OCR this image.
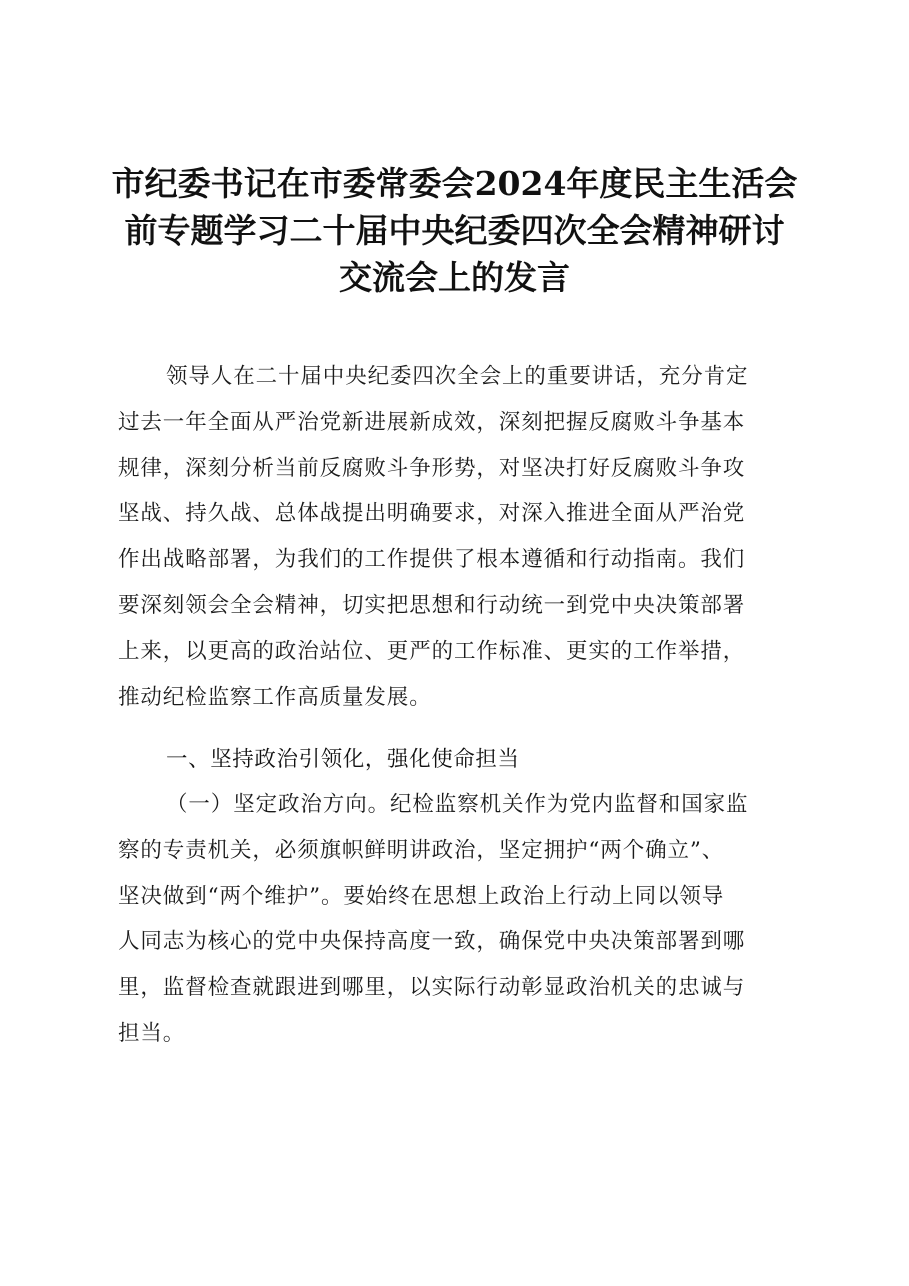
市纪委书记在市委常委会2024年度民主生活会
前专题学习二十届中央纪委四次全会精神研讨
交流会上的发言
领导人在二十届中央纪委四次全会上的重要讲话，充分肯定
过去一年全面从严治党新进展新成效，深刻把握反腐败斗争基本
规律，深刻分析当前反腐败斗争形势，对坚决打好反腐败斗争攻
坚战、持久战、总体战提出明确要求，对深入推进全面从严治党
作出战略部署，为我们的工作提供了根本遵循和行动指南。我们
要深刻领会全会精神，切实把思想和行动统一到党中央决策部署
上来，以更高的政治站位、更严的工作标准、更实的工作举措，
推动纪检监察工作高质量发展。
一、坚持政治引领化，强化使命担当
（一）坚定政治方向。纪检监察机关作为党内监督和国家监
察的专责机关，必须旗帜鲜明讲政治，坚定拥护“两个确立”、
坚决做到“两个维护”。要始终在思想上政治上行动上同以领导
人同志为核心的党中央保持高度一致，确保党中央决策部署到哪
里，监督检查就跟进到哪里，以实际行动彰显政治机关的忠诚与
担当。
